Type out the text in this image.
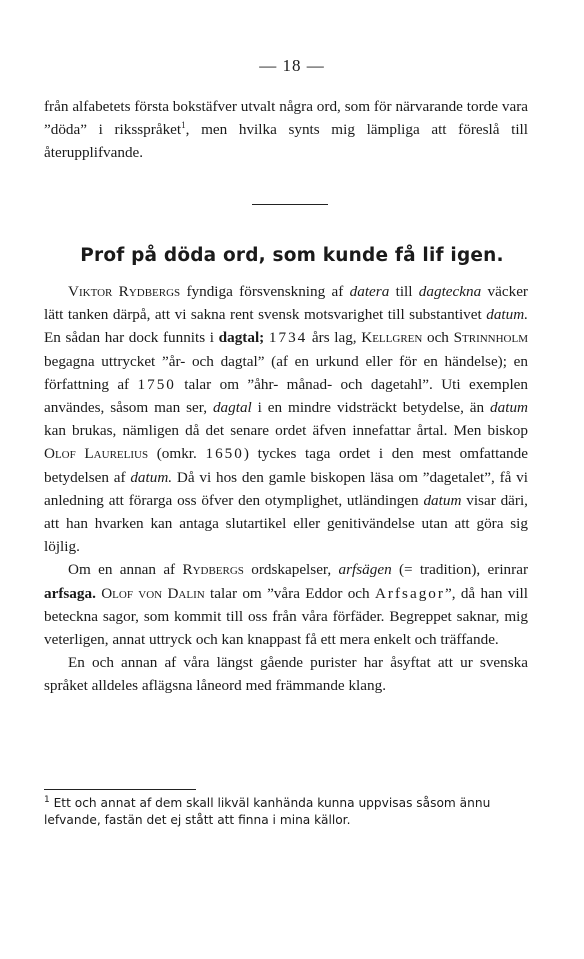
— 18 —
från alfabetets första bokstäfver utvalt några ord, som för närvarande torde vara ”döda” i riksspråket$^1$, men hvilka synts mig lämpliga att föreslå till återupplifvande.
Prof på döda ord, som kunde få lif igen.

Viktor Rydbergs fyndiga försvenskning af datera till dagteckna väcker lätt tanken därpå, att vi sakna rent svensk motsvarighet till substantivet datum. En sådan har dock funnits i dagtal; 1734 års lag, Kellgren och Strinnholm begagna uttrycket ”år- och dagtal” (af en urkund eller för en händelse); en författning af 1750 talar om ”åhr- månad- och dagetahl”. Uti exemplen användes, såsom man ser, dagtal i en mindre vidsträckt betydelse, än datum kan brukas, nämligen då det senare ordet äfven innefattar årtal. Men biskop Olof Laurelius (omkr. 1650) tyckes taga ordet i den mest omfattande betydelsen af datum. Då vi hos den gamle biskopen läsa om ”dagetalet”, få vi anledning att förarga oss öfver den otymplighet, utländingen datum visar däri, att han hvarken kan antaga slutartikel eller genitivändelse utan att göra sig löjlig.

Om en annan af Rydbergs ordskapelser, arfsägen (= tradition), erinrar arfsaga. Olof von Dalin talar om ”våra Eddor och Arfsagor”, då han vill beteckna sagor, som kommit till oss från våra förfäder. Begreppet saknar, mig veterligen, annat uttryck och kan knappast få ett mera enkelt och träffande.

En och annan af våra längst gående purister har åsyftat att ur svenska språket alldeles aflägsna låneord med främmande klang.

$^1$ Ett och annat af dem skall likväl kanhända kunna uppvisas såsom ännu lefvande, fastän det ej stått att finna i mina källor.
